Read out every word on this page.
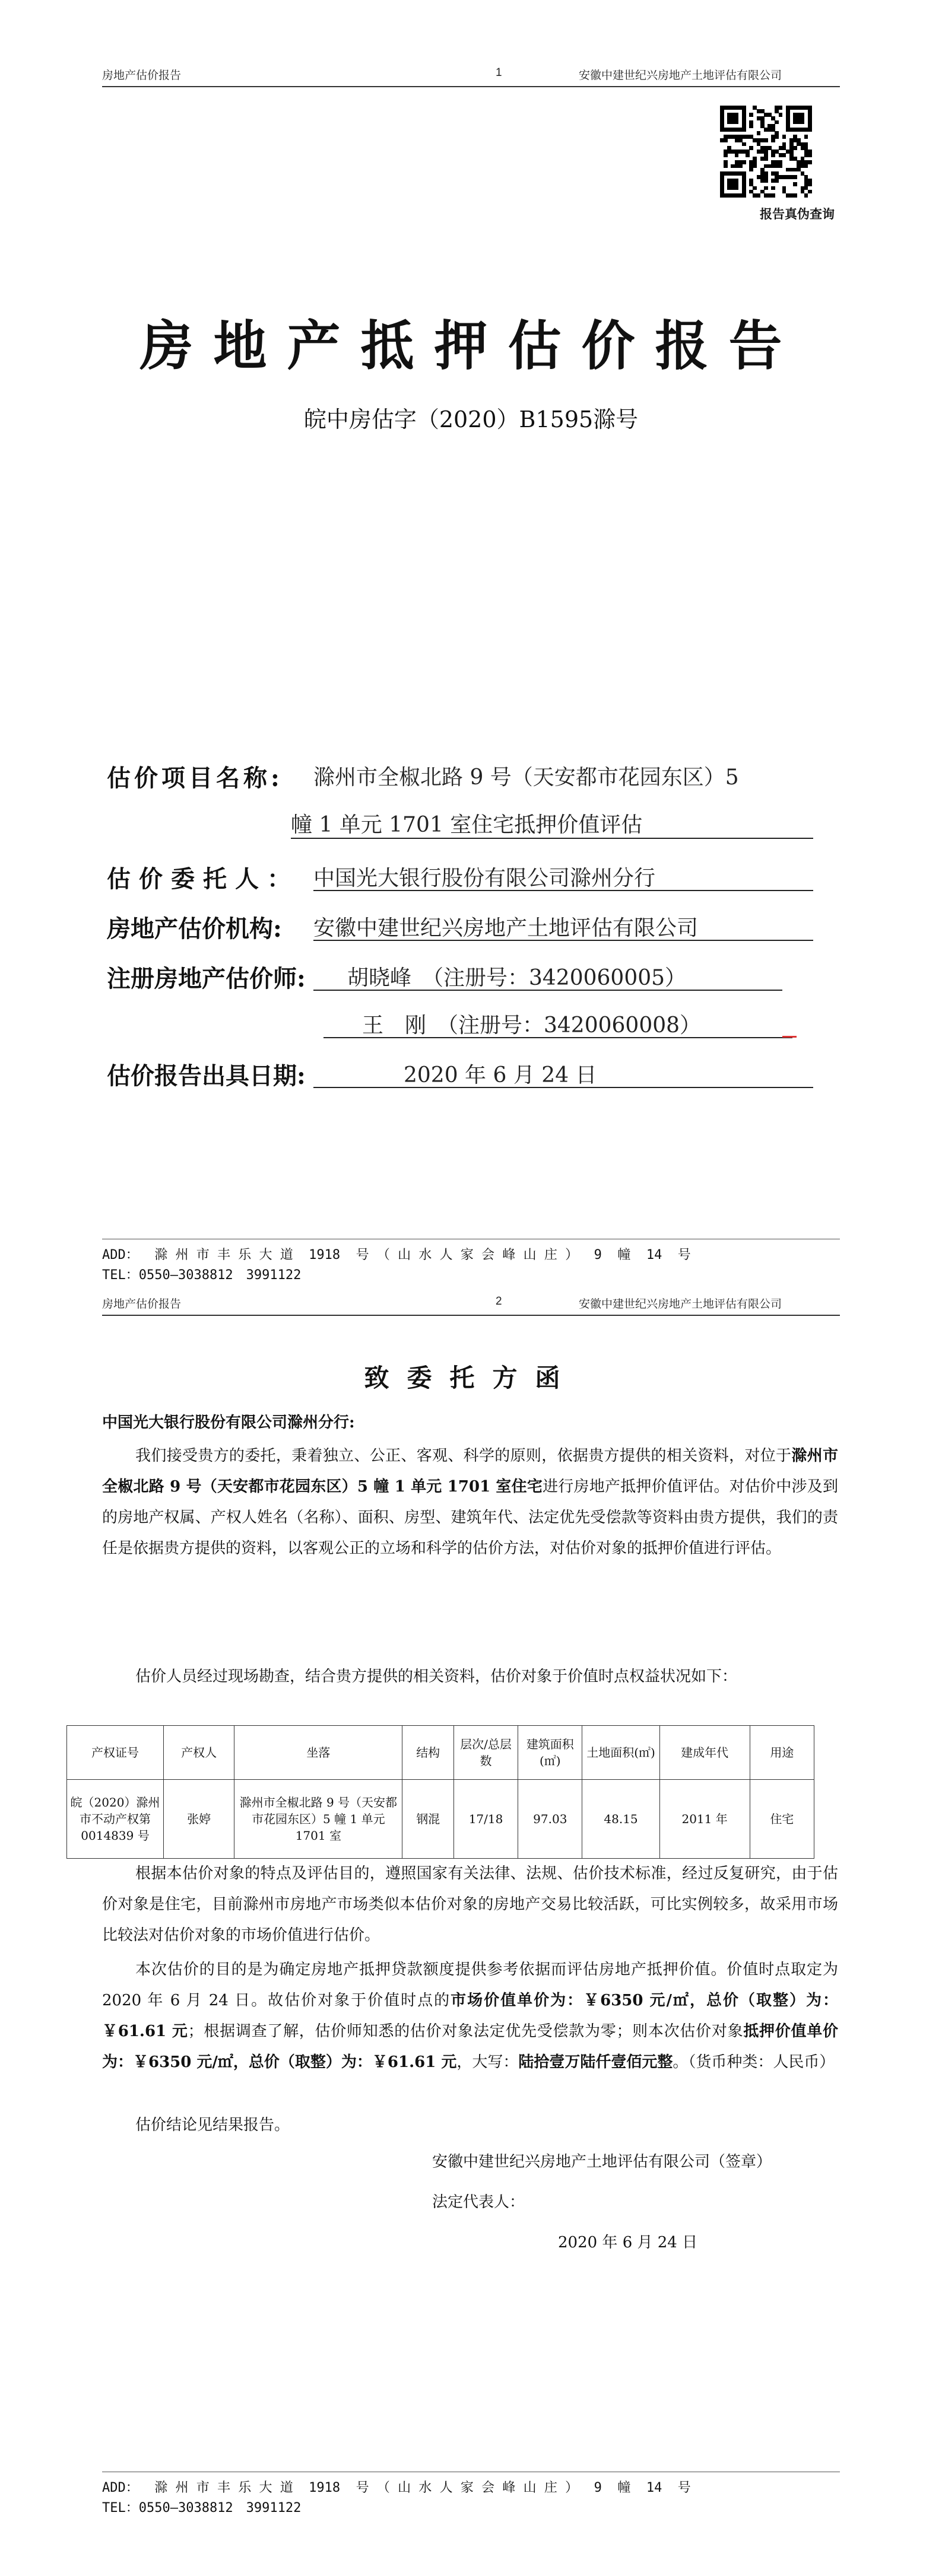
房地产估价报告	1	安徽中建世纪兴房地产土地评估有限公司
报告真伪查询
房地产抵押估价报告
皖中房估字（2020）B1595滁号
估价项目名称: 滁州市全椒北路 9 号（天安都市花园东区）5
幢 1 单元 1701 室住宅抵押价值评估
估价委托人： 中国光大银行股份有限公司滁州分行
房地产估价机构: 安徽中建世纪兴房地产土地评估有限公司
注册房地产估价师: 胡晓峰　（注册号：3420060005）
王　刚　（注册号：3420060008）
估价报告出具日期:	2020 年 6 月 24 日
ADD：  滁 州 市 丰 乐 大 道  1918  号 （ 山 水 人 家 会 峰 山 庄 ）  9  幢  14  号
TEL：0550—3038812　3991122
房地产估价报告	2	安徽中建世纪兴房地产土地评估有限公司
致委托方函
中国光大银行股份有限公司滁州分行:
我们接受贵方的委托，秉着独立、公正、客观、科学的原则，依据贵方提供的相关资料，对位于滁州市全椒北路 9 号（天安都市花园东区）5 幢 1 单元 1701 室住宅进行房地产抵押价值评估。对估价中涉及到的房地产权属、产权人姓名（名称）、面积、房型、建筑年代、法定优先受偿款等资料由贵方提供，我们的责任是依据贵方提供的资料，以客观公正的立场和科学的估价方法，对估价对象的抵押价值进行评估。
估价人员经过现场勘查，结合贵方提供的相关资料，估价对象于价值时点权益状况如下：
产权证号	产权人	坐落	结构	层次/总层数	建筑面积(㎡)	土地面积(㎡)	建成年代	用途
皖（2020）滁州市不动产权第 0014839 号	张婷	滁州市全椒北路 9 号（天安都市花园东区）5 幢 1 单元 1701 室	钢混	17/18	97.03	48.15	2011 年	住宅
根据本估价对象的特点及评估目的，遵照国家有关法律、法规、估价技术标准，经过反复研究，由于估价对象是住宅，目前滁州市房地产市场类似本估价对象的房地产交易比较活跃，可比实例较多，故采用市场比较法对估价对象的市场价值进行估价。
本次估价的目的是为确定房地产抵押贷款额度提供参考依据而评估房地产抵押价值。价值时点取定为 2020 年 6 月 24 日。故估价对象于价值时点的市场价值单价为：￥6350 元/㎡，总价（取整）为：￥61.61 元；根据调查了解，估价师知悉的估价对象法定优先受偿款为零；则本次估价对象抵押价值单价为：￥6350 元/㎡，总价（取整）为：￥61.61 元，大写：陆拾壹万陆仟壹佰元整。（货币种类：人民币）
估价结论见结果报告。
安徽中建世纪兴房地产土地评估有限公司（签章）
法定代表人：
2020 年 6 月 24 日
ADD：  滁 州 市 丰 乐 大 道  1918  号 （ 山 水 人 家 会 峰 山 庄 ）  9  幢  14  号
TEL：0550—3038812　3991122
